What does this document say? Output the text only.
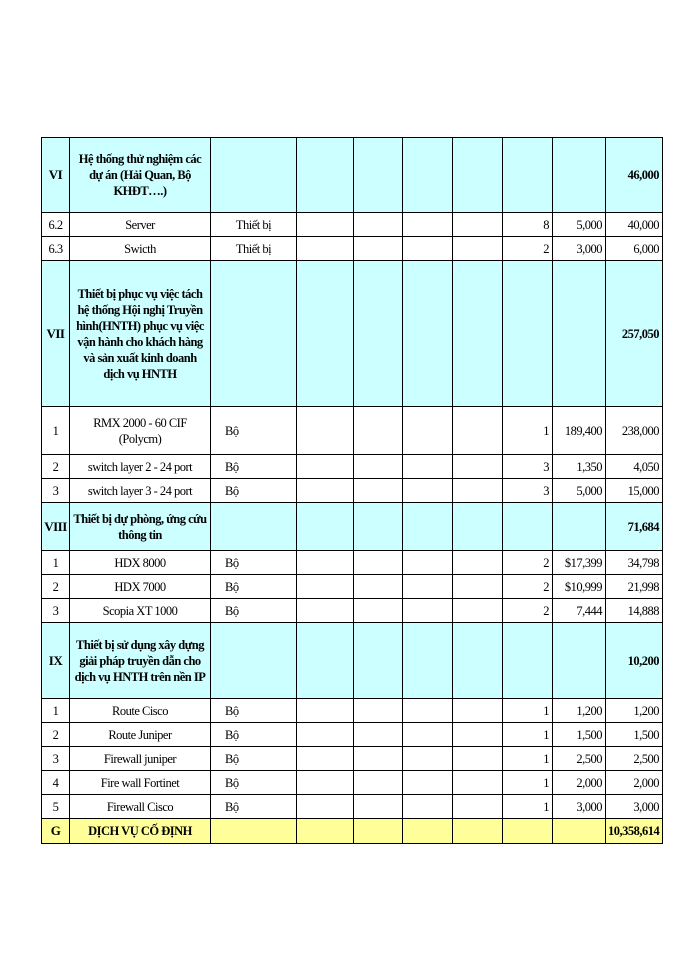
VI	Hệ thống thử nghiệm các dự án (Hải Quan, Bộ KHĐT….)								46,000
6.2	Server	Thiết bị					8	5,000	40,000
6.3	Swicth	Thiết bị					2	3,000	6,000
VII	Thiết bị phục vụ việc tách hệ thống Hội nghị Truyền hình(HNTH) phục vụ việc vận hành cho khách hàng và sản xuất kinh doanh dịch vụ HNTH								257,050
1	RMX 2000 - 60 CIF (Polycm)	Bộ					1	189,400	238,000
2	switch layer 2 - 24 port	Bộ					3	1,350	4,050
3	switch layer 3 - 24 port	Bộ					3	5,000	15,000
VIII	Thiết bị dự phòng, ứng cứu thông tin								71,684
1	HDX 8000	Bộ					2	$17,399	34,798
2	HDX 7000	Bộ					2	$10,999	21,998
3	Scopia XT 1000	Bộ					2	7,444	14,888
IX	Thiết bị sử dụng xây dựng giải pháp truyền dẫn cho dịch vụ HNTH trên nền IP								10,200
1	Route Cisco	Bộ					1	1,200	1,200
2	Route Juniper	Bộ					1	1,500	1,500
3	Firewall juniper	Bộ					1	2,500	2,500
4	Fire wall Fortinet	Bộ					1	2,000	2,000
5	Firewall Cisco	Bộ					1	3,000	3,000
G	DỊCH VỤ CỐ ĐỊNH								10,358,614
